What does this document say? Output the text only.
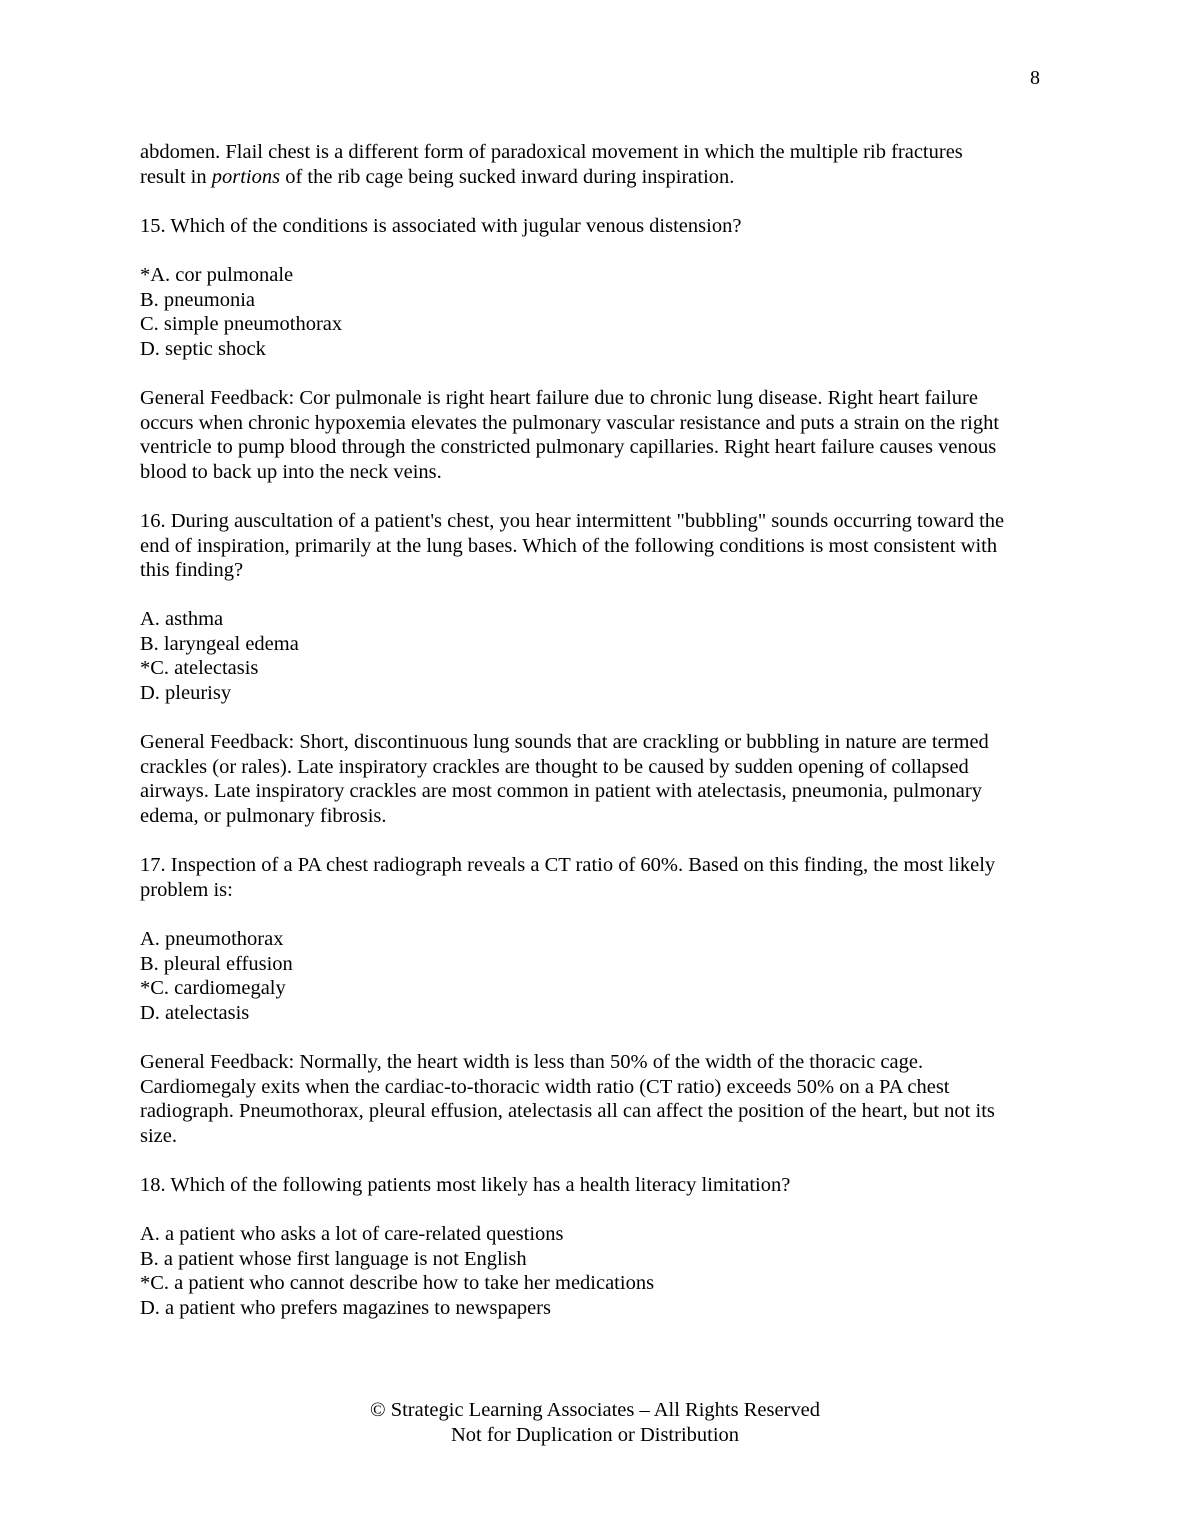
8

abdomen. Flail chest is a different form of paradoxical movement in which the multiple rib fractures
result in portions of the rib cage being sucked inward during inspiration.

15. Which of the conditions is associated with jugular venous distension?

*A. cor pulmonale
B. pneumonia
C. simple pneumothorax
D. septic shock

General Feedback: Cor pulmonale is right heart failure due to chronic lung disease. Right heart failure
occurs when chronic hypoxemia elevates the pulmonary vascular resistance and puts a strain on the right
ventricle to pump blood through the constricted pulmonary capillaries. Right heart failure causes venous
blood to back up into the neck veins.

16. During auscultation of a patient's chest, you hear intermittent "bubbling" sounds occurring toward the
end of inspiration, primarily at the lung bases. Which of the following conditions is most consistent with
this finding?

A. asthma
B. laryngeal edema
*C. atelectasis
D. pleurisy

General Feedback: Short, discontinuous lung sounds that are crackling or bubbling in nature are termed
crackles (or rales). Late inspiratory crackles are thought to be caused by sudden opening of collapsed
airways. Late inspiratory crackles are most common in patient with atelectasis, pneumonia, pulmonary
edema, or pulmonary fibrosis.

17. Inspection of a PA chest radiograph reveals a CT ratio of 60%. Based on this finding, the most likely
problem is:

A. pneumothorax
B. pleural effusion
*C. cardiomegaly
D. atelectasis

General Feedback: Normally, the heart width is less than 50% of the width of the thoracic cage.
Cardiomegaly exits when the cardiac-to-thoracic width ratio (CT ratio) exceeds 50% on a PA chest
radiograph. Pneumothorax, pleural effusion, atelectasis all can affect the position of the heart, but not its
size.

18. Which of the following patients most likely has a health literacy limitation?

A. a patient who asks a lot of care-related questions
B. a patient whose first language is not English
*C. a patient who cannot describe how to take her medications
D. a patient who prefers magazines to newspapers
© Strategic Learning Associates – All Rights Reserved
Not for Duplication or Distribution
